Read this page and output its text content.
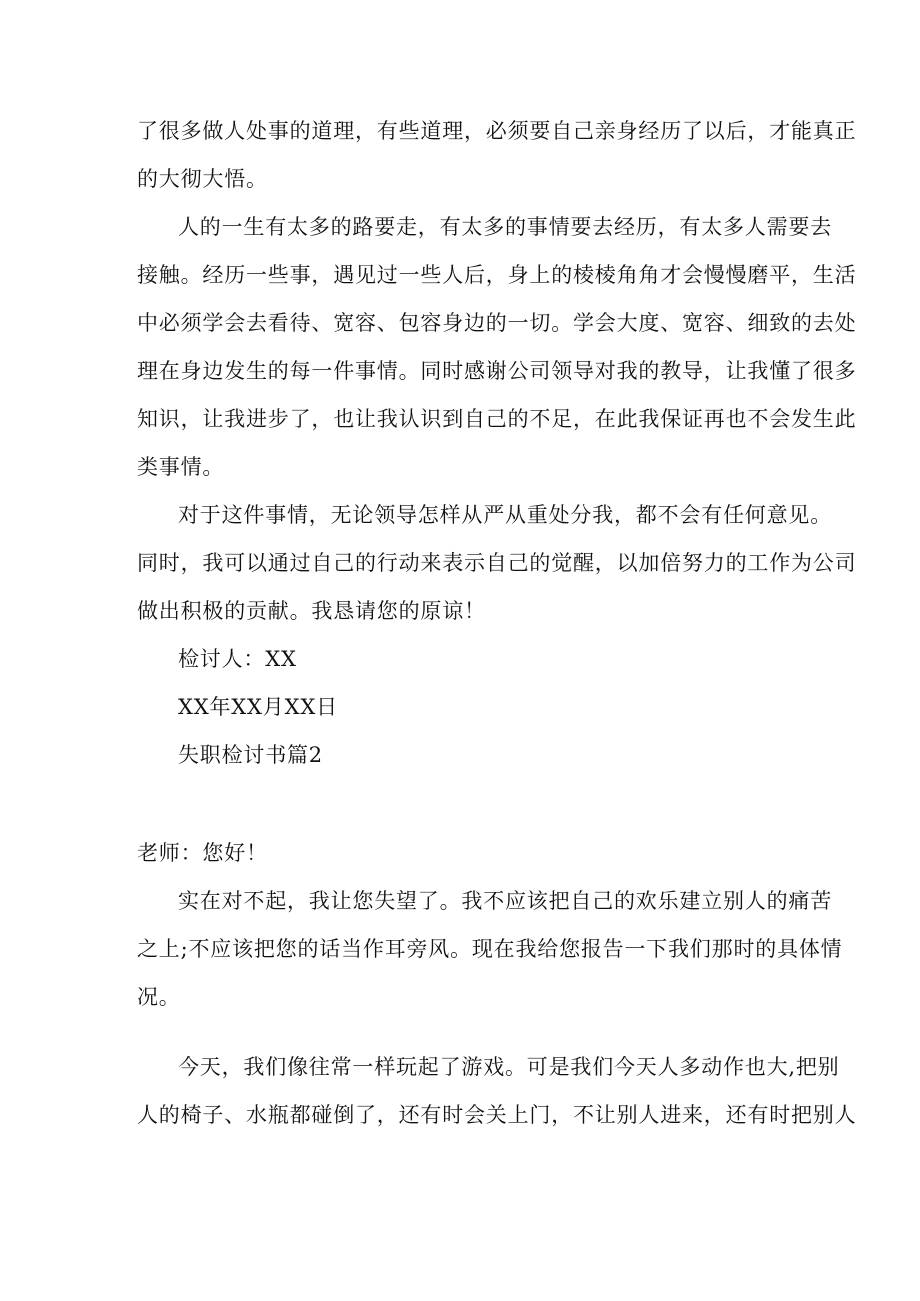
了很多做人处事的道理，有些道理，必须要自己亲身经历了以后，才能真正
的大彻大悟。
人的一生有太多的路要走，有太多的事情要去经历，有太多人需要去
接触。经历一些事，遇见过一些人后，身上的棱棱角角才会慢慢磨平，生活
中必须学会去看待、宽容、包容身边的一切。学会大度、宽容、细致的去处
理在身边发生的每一件事情。同时感谢公司领导对我的教导，让我懂了很多
知识，让我进步了，也让我认识到自己的不足，在此我保证再也不会发生此
类事情。
对于这件事情，无论领导怎样从严从重处分我，都不会有任何意见。
同时，我可以通过自己的行动来表示自己的觉醒，以加倍努力的工作为公司
做出积极的贡献。我恳请您的原谅！
检讨人：XX
XX年XX月XX日
失职检讨书篇2
老师：您好！
实在对不起，我让您失望了。我不应该把自己的欢乐建立别人的痛苦
之上;不应该把您的话当作耳旁风。现在我给您报告一下我们那时的具体情
况。
今天，我们像往常一样玩起了游戏。可是我们今天人多动作也大,把别
人的椅子、水瓶都碰倒了，还有时会关上门，不让别人进来，还有时把别人
